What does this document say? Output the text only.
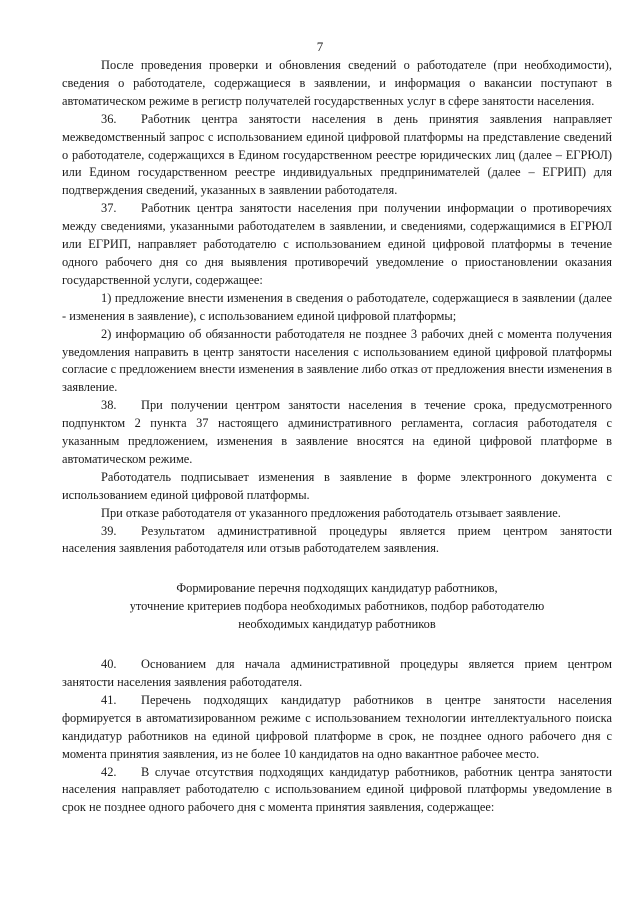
7

После проведения проверки и обновления сведений о работодателе (при необходимости), сведения о работодателе, содержащиеся в заявлении, и информация о вакансии поступают в автоматическом режиме в регистр получателей государственных услуг в сфере занятости населения.

36. Работник центра занятости населения в день принятия заявления направляет межведомственный запрос с использованием единой цифровой платформы на представление сведений о работодателе, содержащихся в Едином государственном реестре юридических лиц (далее – ЕГРЮЛ) или Едином государственном реестре индивидуальных предпринимателей (далее – ЕГРИП) для подтверждения сведений, указанных в заявлении работодателя.

37. Работник центра занятости населения при получении информации о противоречиях между сведениями, указанными работодателем в заявлении, и сведениями, содержащимися в ЕГРЮЛ или ЕГРИП, направляет работодателю с использованием единой цифровой платформы в течение одного рабочего дня со дня выявления противоречий уведомление о приостановлении оказания государственной услуги, содержащее:

1) предложение внести изменения в сведения о работодателе, содержащиеся в заявлении (далее - изменения в заявление), с использованием единой цифровой платформы;

2) информацию об обязанности работодателя не позднее 3 рабочих дней с момента получения уведомления направить в центр занятости населения с использованием единой цифровой платформы согласие с предложением внести изменения в заявление либо отказ от предложения внести изменения в заявление.

38. При получении центром занятости населения в течение срока, предусмотренного подпунктом 2 пункта 37 настоящего административного регламента, согласия работодателя с указанным предложением, изменения в заявление вносятся на единой цифровой платформе в автоматическом режиме.

Работодатель подписывает изменения в заявление в форме электронного документа с использованием единой цифровой платформы.

При отказе работодателя от указанного предложения работодатель отзывает заявление.

39. Результатом административной процедуры является прием центром занятости населения заявления работодателя или отзыв работодателем заявления.

Формирование перечня подходящих кандидатур работников,

уточнение критериев подбора необходимых работников, подбор работодателю

необходимых кандидатур работников

40. Основанием для начала административной процедуры является прием центром занятости населения заявления работодателя.

41. Перечень подходящих кандидатур работников в центре занятости населения формируется в автоматизированном режиме с использованием технологии интеллектуального поиска кандидатур работников на единой цифровой платформе в срок, не позднее одного рабочего дня с момента принятия заявления, из не более 10 кандидатов на одно вакантное рабочее место.

42. В случае отсутствия подходящих кандидатур работников, работник центра занятости населения направляет работодателю с использованием единой цифровой платформы уведомление в срок не позднее одного рабочего дня с момента принятия заявления, содержащее:
